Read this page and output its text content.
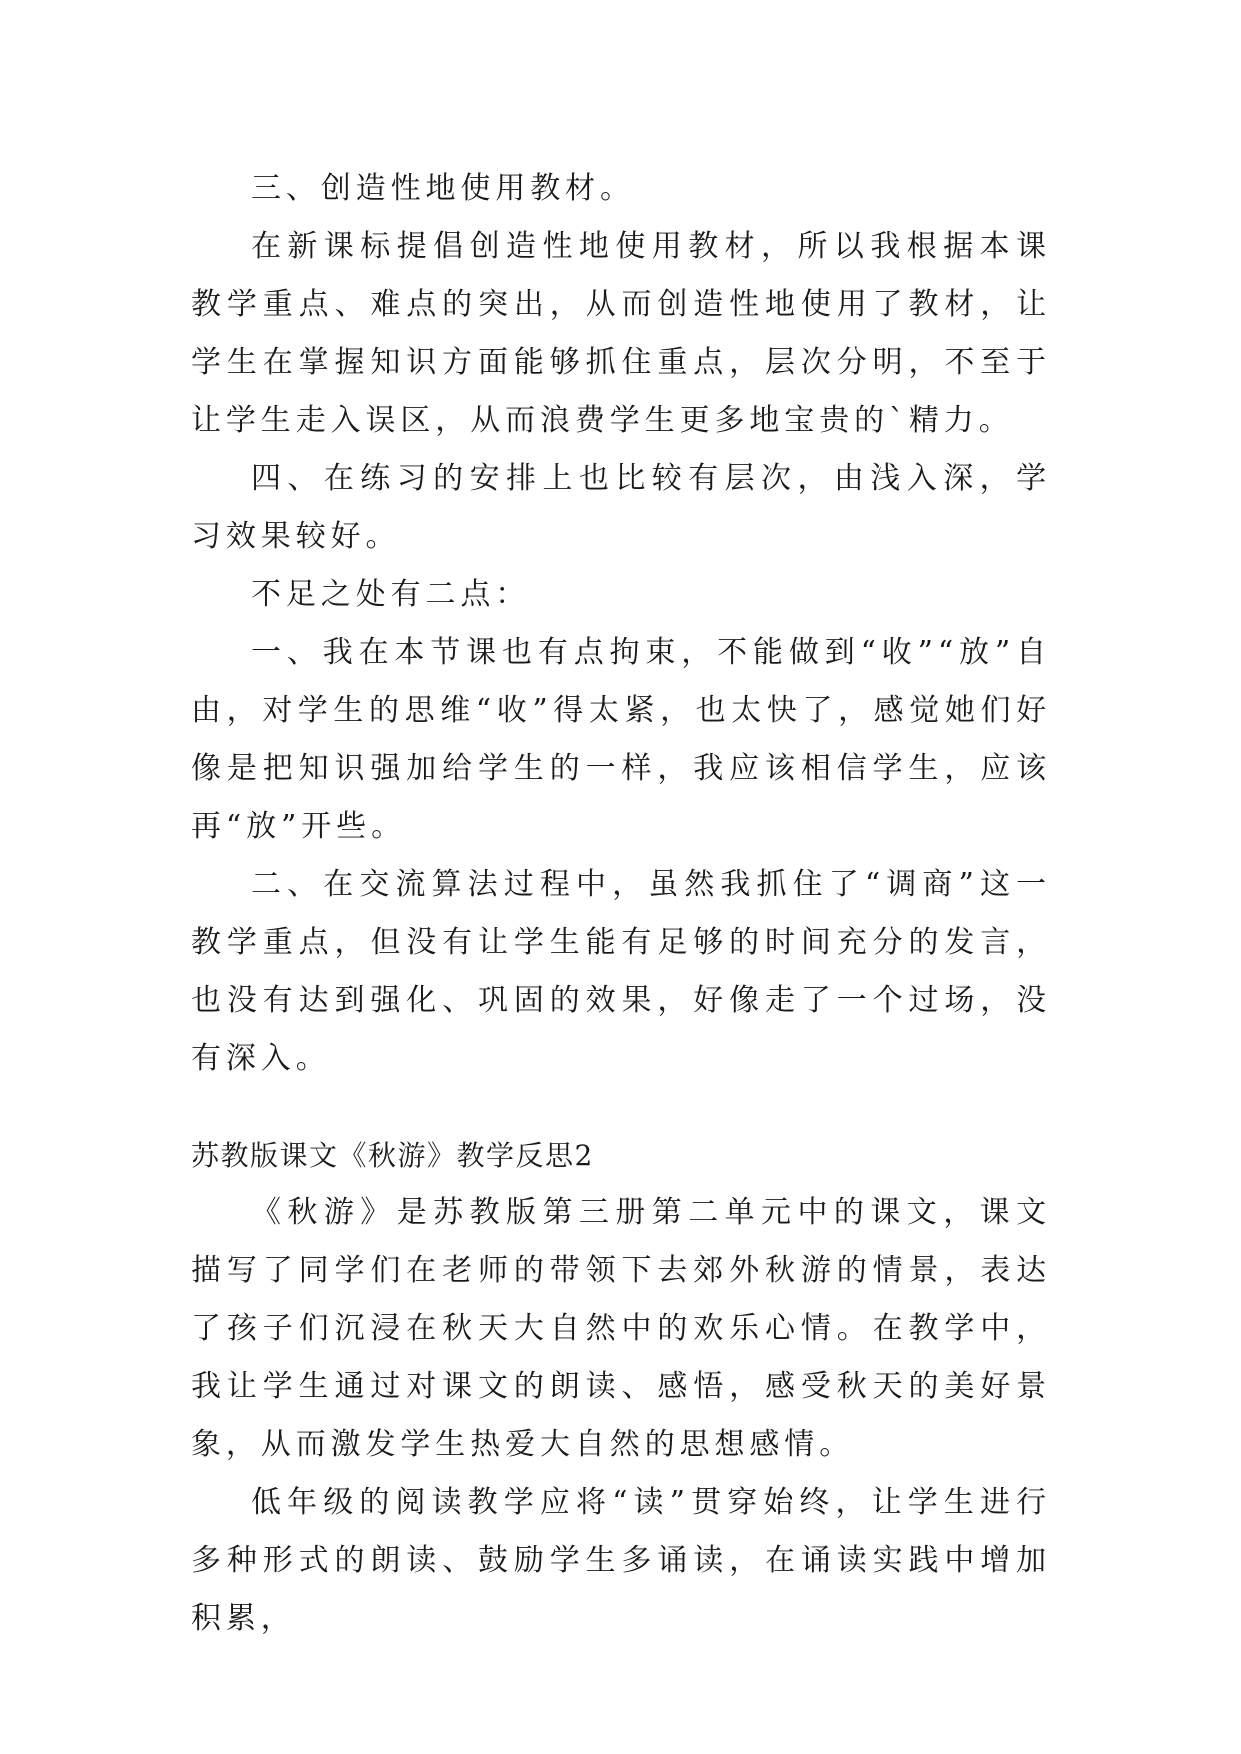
三、创造性地使用教材。

在新课标提倡创造性地使用教材，所以我根据本课教学重点、难点的突出，从而创造性地使用了教材，让学生在掌握知识方面能够抓住重点，层次分明，不至于让学生走入误区，从而浪费学生更多地宝贵的`精力。

四、在练习的安排上也比较有层次，由浅入深，学习效果较好。

不足之处有二点：

一、我在本节课也有点拘束，不能做到“收”“放”自由，对学生的思维“收”得太紧，也太快了，感觉她们好像是把知识强加给学生的一样，我应该相信学生，应该再“放”开些。

二、在交流算法过程中，虽然我抓住了“调商”这一教学重点，但没有让学生能有足够的时间充分的发言，也没有达到强化、巩固的效果，好像走了一个过场，没有深入。

苏教版课文《秋游》教学反思2

《秋游》是苏教版第三册第二单元中的课文，课文描写了同学们在老师的带领下去郊外秋游的情景，表达了孩子们沉浸在秋天大自然中的欢乐心情。在教学中，我让学生通过对课文的朗读、感悟，感受秋天的美好景象，从而激发学生热爱大自然的思想感情。

低年级的阅读教学应将“读”贯穿始终，让学生进行多种形式的朗读、鼓励学生多诵读，在诵读实践中增加积累，
